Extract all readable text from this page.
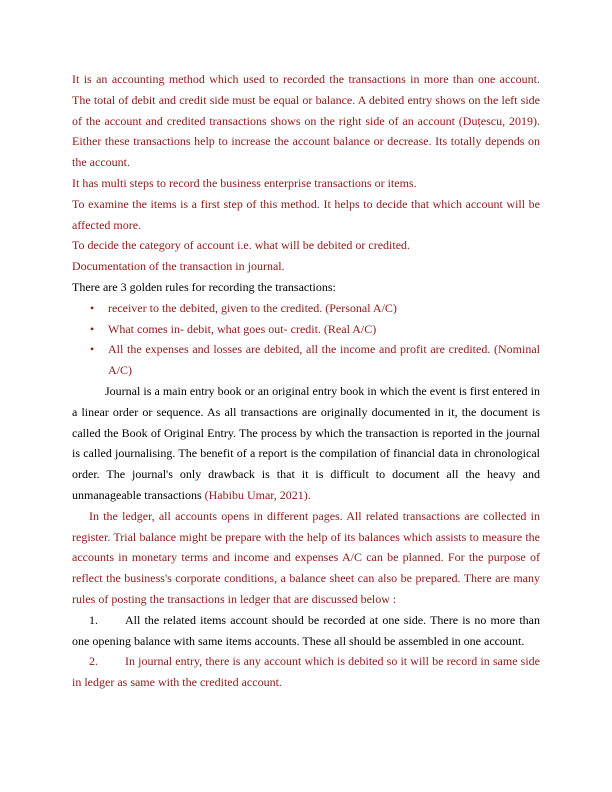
It is an accounting method which used to recorded the transactions in more than one account. The total of debit and credit side must be equal or balance. A debited entry shows on the left side of the account and credited transactions shows on the right side of an account (Duțescu, 2019). Either these transactions help to increase the account balance or decrease. Its totally depends on the account.

It has multi steps to record the business enterprise transactions or items.

To examine the items is a first step of this method. It helps to decide that which account will be affected more.

To decide the category of account i.e. what will be debited or credited.

Documentation of the transaction in journal.

There are 3 golden rules for recording the transactions:

• receiver to the debited, given to the credited. (Personal A/C)
• What comes in- debit, what goes out- credit. (Real A/C)
• All the expenses and losses are debited, all the income and profit are credited. (Nominal A/C)

Journal is a main entry book or an original entry book in which the event is first entered in a linear order or sequence. As all transactions are originally documented in it, the document is called the Book of Original Entry. The process by which the transaction is reported in the journal is called journalising. The benefit of a report is the compilation of financial data in chronological order. The journal's only drawback is that it is difficult to document all the heavy and unmanageable transactions (Habibu Umar, 2021).

In the ledger, all accounts opens in different pages. All related transactions are collected in register. Trial balance might be prepare with the help of its balances which assists to measure the accounts in monetary terms and income and expenses A/C can be planned. For the purpose of reflect the business's corporate conditions, a balance sheet can also be prepared. There are many rules of posting the transactions in ledger that are discussed below :

1. All the related items account should be recorded at one side. There is no more than one opening balance with same items accounts. These all should be assembled in one account.

2. In journal entry, there is any account which is debited so it will be record in same side in ledger as same with the credited account.
